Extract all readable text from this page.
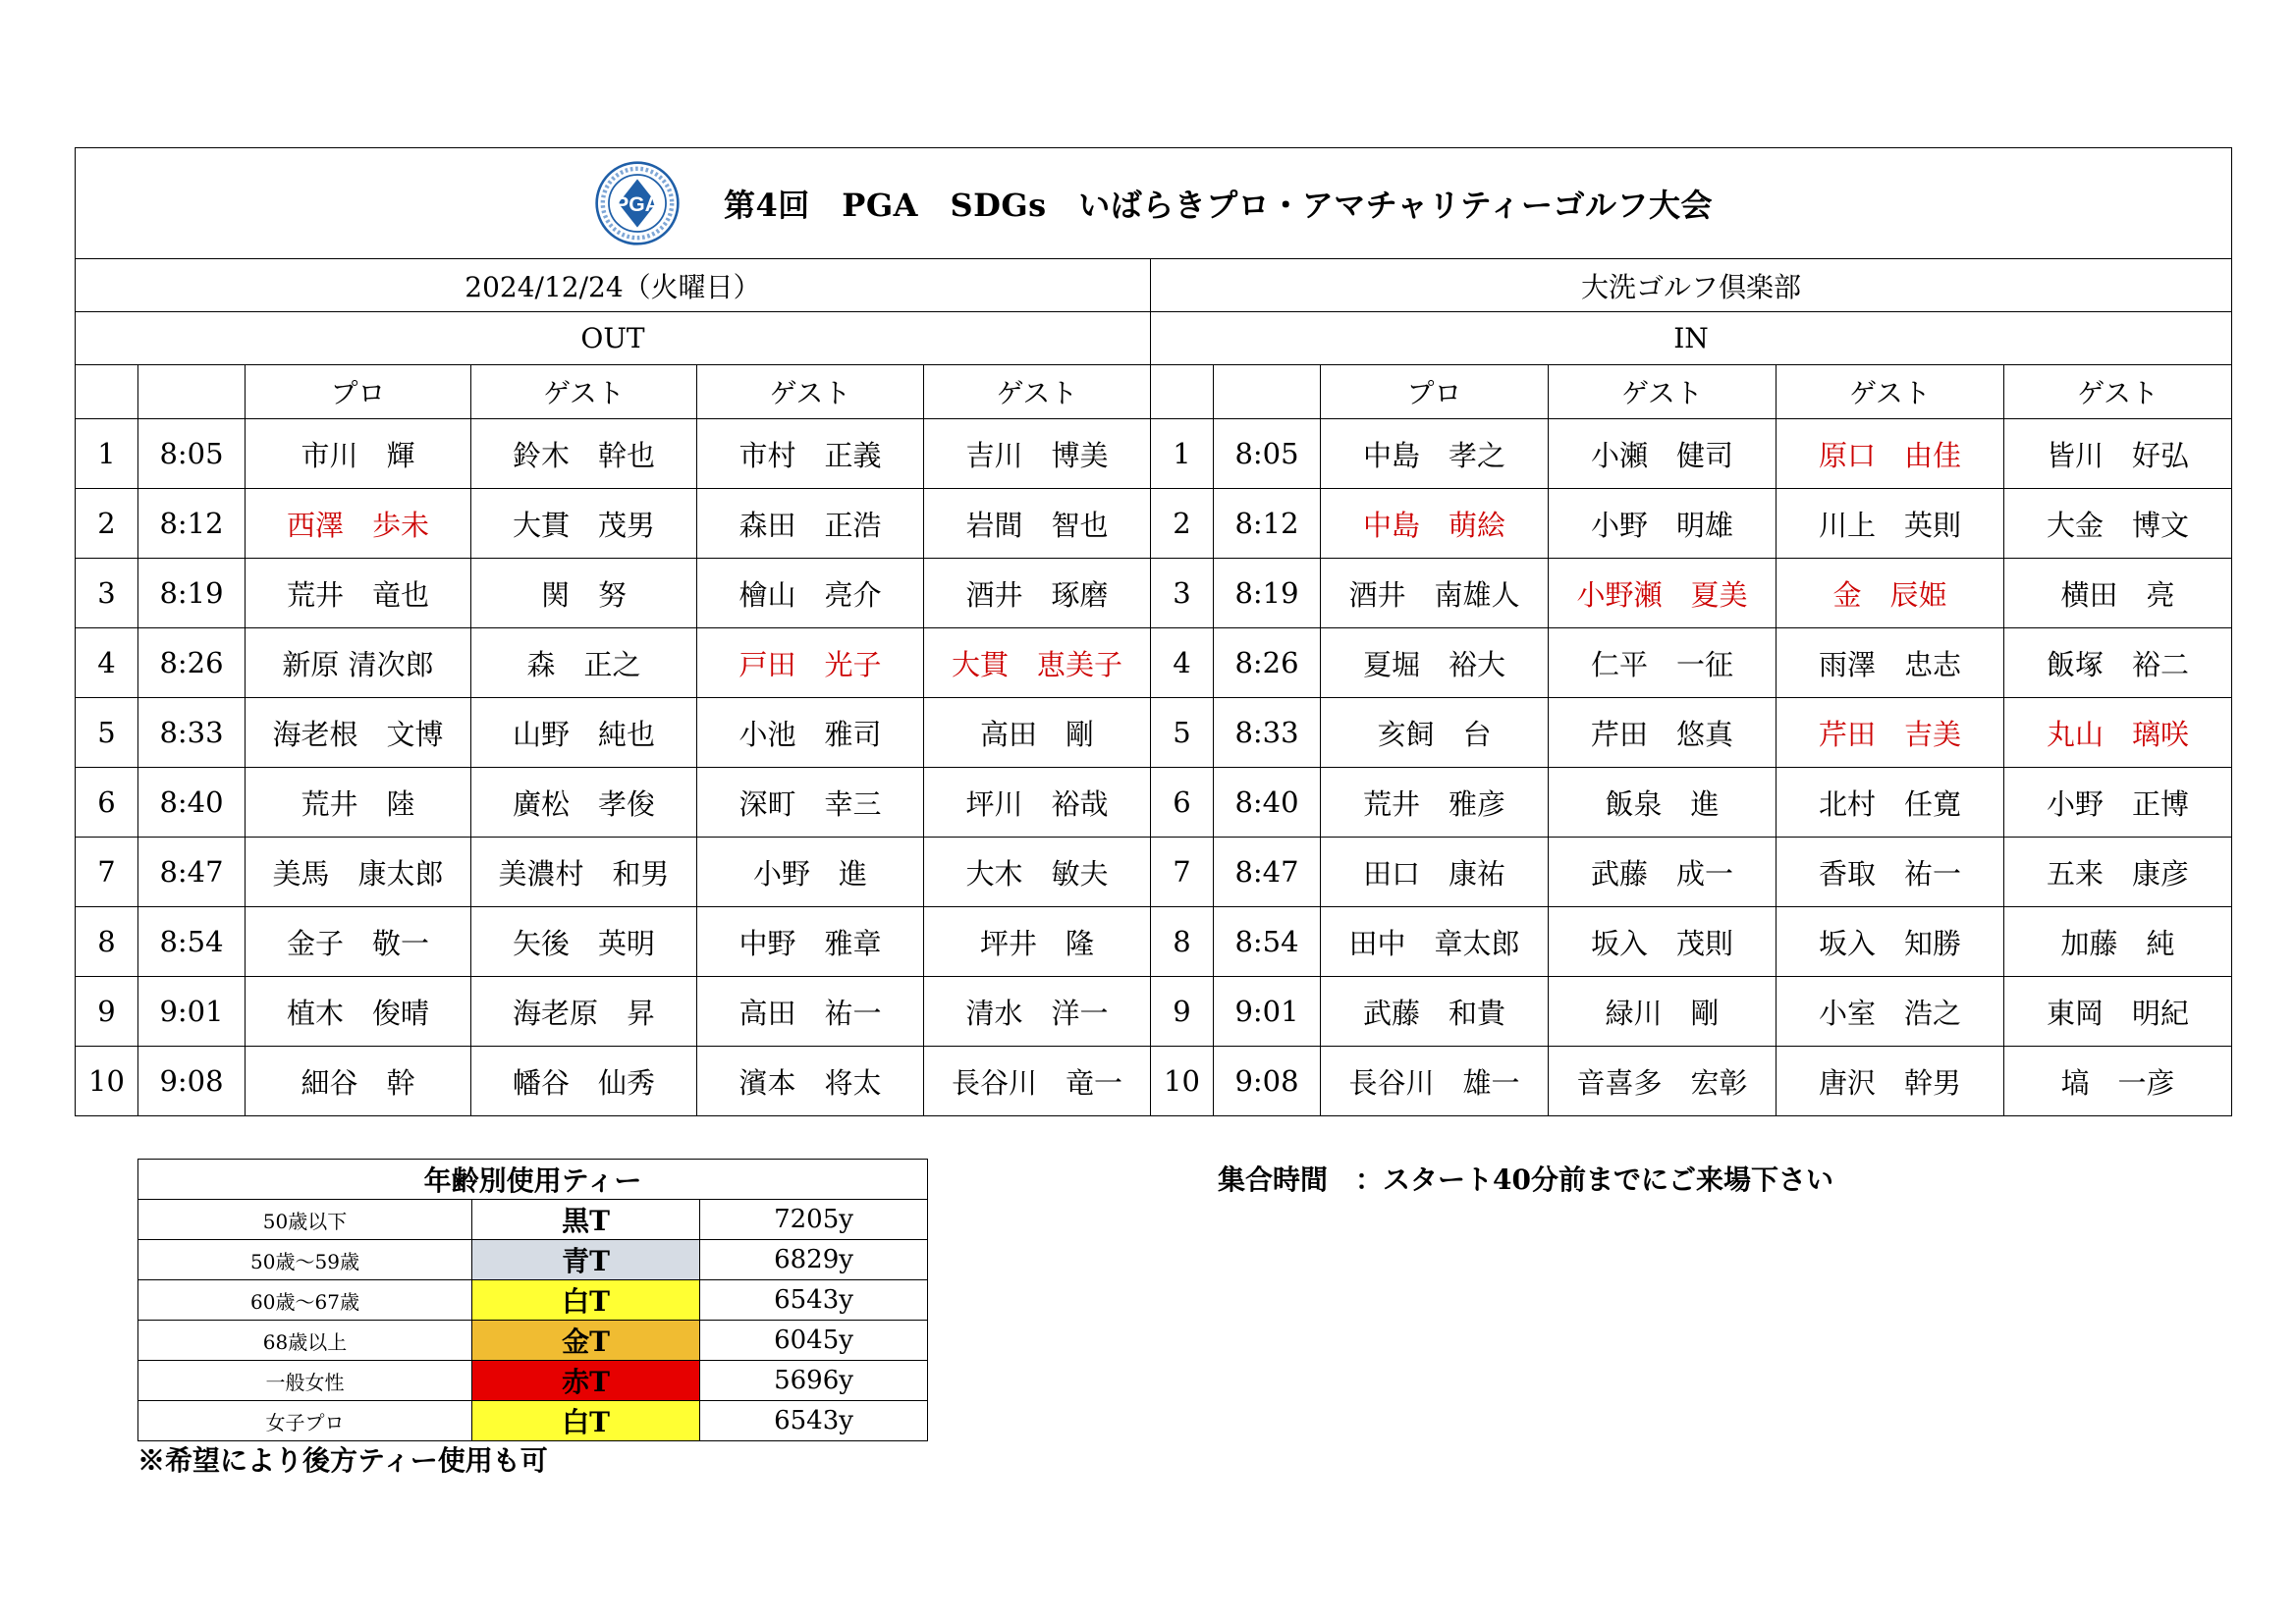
PGA 第4回　PGA　SDGs　いばらきプロ・アマチャリティーゴルフ大会											

2024/12/24（火曜日）						大洗ゴルフ倶楽部					
OUT						IN					
		プロ	ゲスト	ゲスト	ゲスト			プロ	ゲスト	ゲスト	ゲスト
1	8:05	市川　輝	鈴木　幹也	市村　正義	吉川　博美	1	8:05	中島　孝之	小瀬　健司	原口　由佳	皆川　好弘
2	8:12	西澤　歩未	大貫　茂男	森田　正浩	岩間　智也	2	8:12	中島　萌絵	小野　明雄	川上　英則	大金　博文
3	8:19	荒井　竜也	関　努	檜山　亮介	酒井　琢磨	3	8:19	酒井　南雄人	小野瀬　夏美	金　辰姫	横田　亮
4	8:26	新原 清次郎	森　正之	戸田　光子	大貫　恵美子	4	8:26	夏堀　裕大	仁平　一征	雨澤　忠志	飯塚　裕二
5	8:33	海老根　文博	山野　純也	小池　雅司	高田　剛	5	8:33	亥飼　台	芹田　悠真	芹田　吉美	丸山　璃咲
6	8:40	荒井　陸	廣松　孝俊	深町　幸三	坪川　裕哉	6	8:40	荒井　雅彦	飯泉　進	北村　任寛	小野　正博
7	8:47	美馬　康太郎	美濃村　和男	小野　進	大木　敏夫	7	8:47	田口　康祐	武藤　成一	香取　祐一	五来　康彦
8	8:54	金子　敬一	矢後　英明	中野　雅章	坪井　隆	8	8:54	田中　章太郎	坂入　茂則	坂入　知勝	加藤　純
9	9:01	植木　俊晴	海老原　昇	高田　祐一	清水　洋一	9	9:01	武藤　和貴	緑川　剛	小室　浩之	東岡　明紀
10	9:08	細谷　幹	幡谷　仙秀	濱本　将太	長谷川　竜一	10	9:08	長谷川　雄一	音喜多　宏彰	唐沢　幹男	塙　一彦
年齢別使用ティー		
50歳以下	黒T	7205y
50歳～59歳	青T	6829y
60歳～67歳	白T	6543y
68歳以上	金T	6045y
一般女性	赤T	5696y
女子プロ	白T	6543y
※希望により後方ティー使用も可
集合時間　：スタート40分前までにご来場下さい
